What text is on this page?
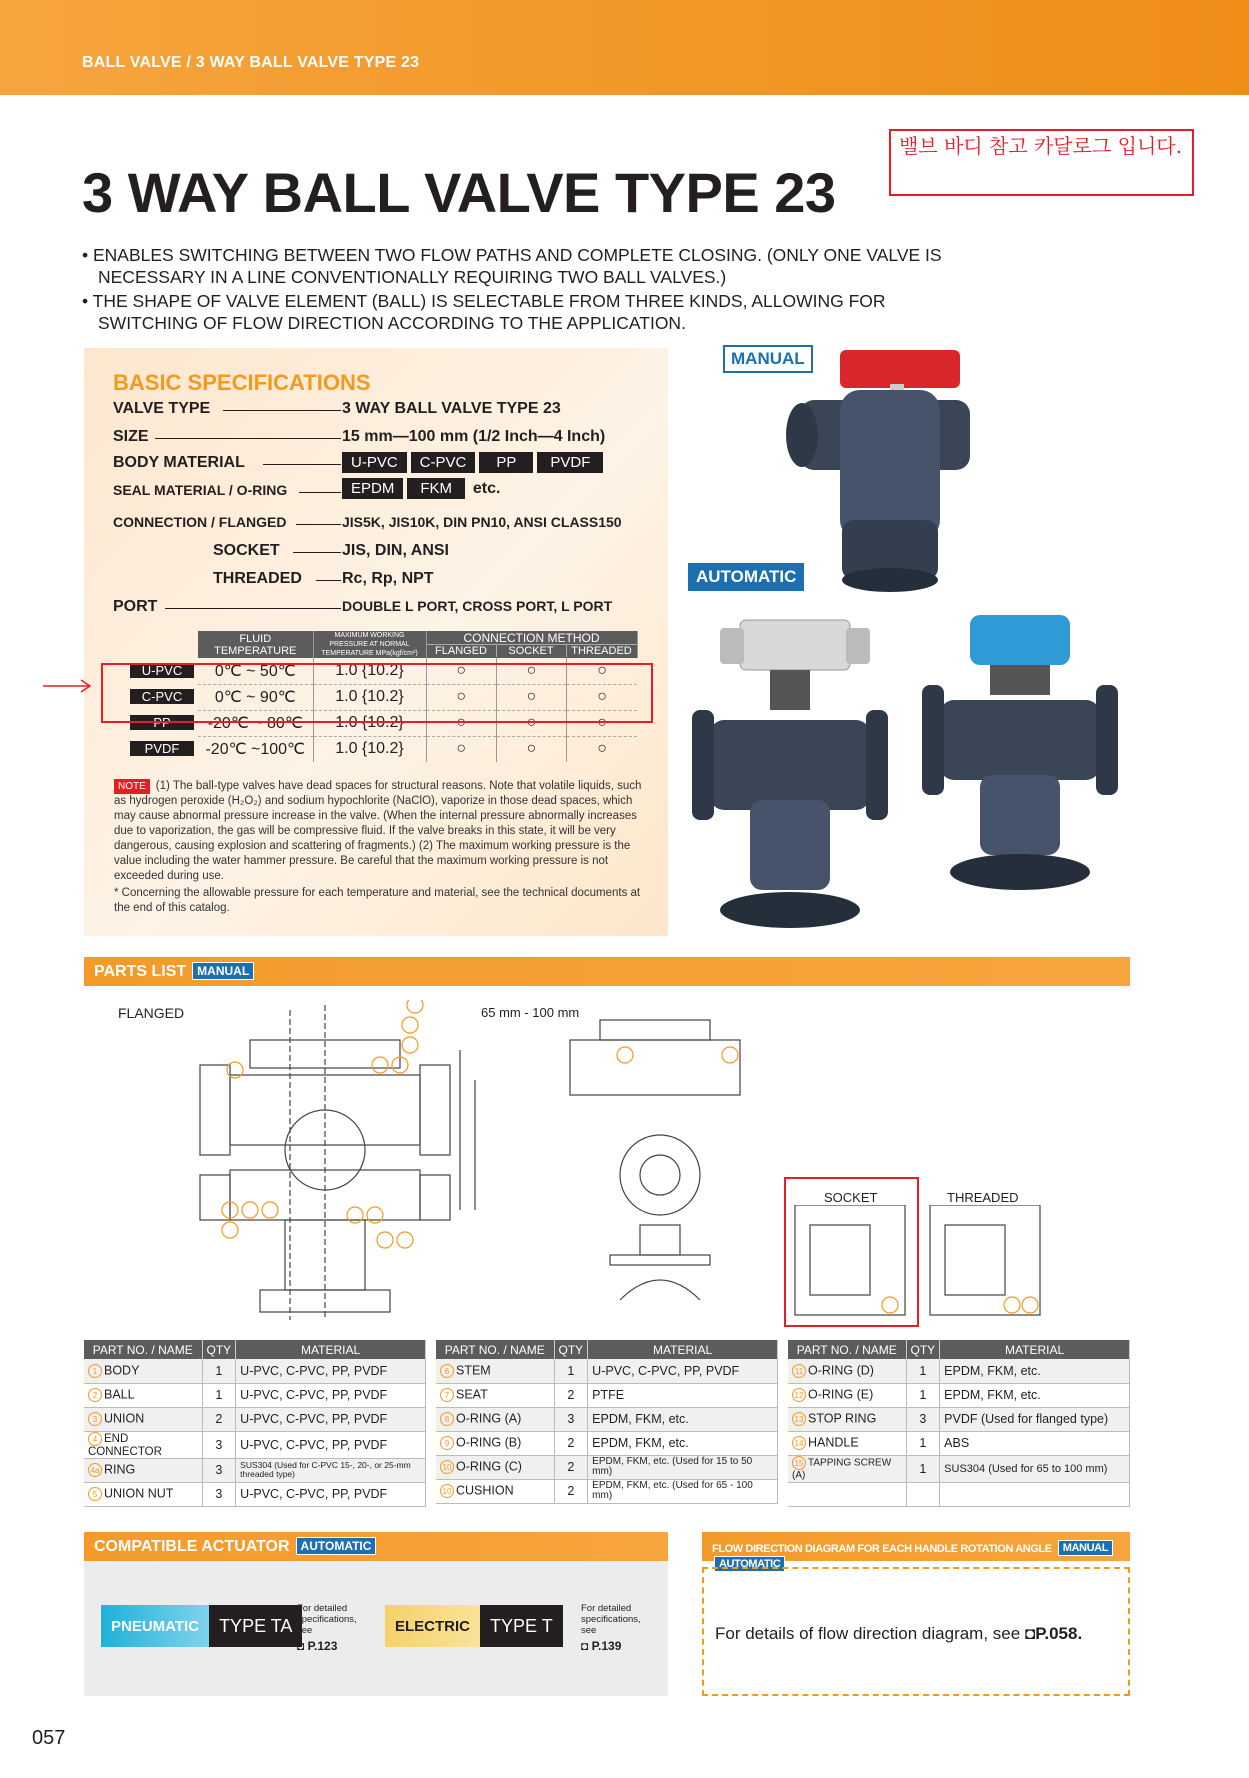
BALL VALVE / 3 WAY BALL VALVE TYPE 23
밸브 바디 참고 카달로그 입니다.
3 WAY BALL VALVE TYPE 23
• ENABLES SWITCHING BETWEEN TWO FLOW PATHS AND COMPLETE CLOSING. (ONLY ONE VALVE IS NECESSARY IN A LINE CONVENTIONALLY REQUIRING TWO BALL VALVES.)
• THE SHAPE OF VALVE ELEMENT (BALL) IS SELECTABLE FROM THREE KINDS, ALLOWING FOR SWITCHING OF FLOW DIRECTION ACCORDING TO THE APPLICATION.
BASIC SPECIFICATIONS
VALVE TYPE	3 WAY BALL VALVE TYPE 23
SIZE	15 mm—100 mm (1/2 Inch—4 Inch)
BODY MATERIAL	U-PVC C-PVC PP PVDF
SEAL MATERIAL / O-RING	EPDM FKM etc.
CONNECTION / FLANGED	JIS5K, JIS10K, DIN PN10, ANSI CLASS150
SOCKET	JIS, DIN, ANSI
THREADED	Rc, Rp, NPT
PORT	DOUBLE L PORT, CROSS PORT, L PORT
	FLUID TEMPERATURE	MAXIMUM WORKING PRESSURE AT NORMAL TEMPERATURE MPa(kgf/cm²)	CONNECTION METHOD
FLANGED SOCKET THREADED		

U-PVC	0℃ ~ 50℃	1.0 {10.2}	○	○	○
C-PVC	0℃ ~ 90℃	1.0 {10.2}	○	○	○
PP	-20℃ ~ 80℃	1.0 {10.2}	○	○	○
PVDF	-20℃ ~100℃	1.0 {10.2}	○	○	○
NOTE (1) The ball-type valves have dead spaces for structural reasons. Note that volatile liquids, such as hydrogen peroxide (H₂O₂) and sodium hypochlorite (NaClO), vaporize in those dead spaces, which may cause abnormal pressure increase in the valve. (When the internal pressure abnormally increases due to vaporization, the gas will be compressive fluid. If the valve breaks in this state, it will be very dangerous, causing explosion and scattering of fragments.) (2) The maximum working pressure is the value including the water hammer pressure. Be careful that the maximum working pressure is not exceeded during use.
* Concerning the allowable pressure for each temperature and material, see the technical documents at the end of this catalog.
MANUAL
AUTOMATIC
PARTS LIST MANUAL
FLANGED	65 mm - 100 mm
SOCKET	THREADED
PART NO. / NAME	QTY	MATERIAL
1 BODY	1	U-PVC, C-PVC, PP, PVDF
2 BALL	1	U-PVC, C-PVC, PP, PVDF
3 UNION	2	U-PVC, C-PVC, PP, PVDF
4 END CONNECTOR	3	U-PVC, C-PVC, PP, PVDF
4a RING	3	SUS304 (Used for C-PVC 15-, 20-, or 25-mm threaded type)
5 UNION NUT	3	U-PVC, C-PVC, PP, PVDF
PART NO. / NAME	QTY	MATERIAL
6 STEM	1	U-PVC, C-PVC, PP, PVDF
7 SEAT	2	PTFE
8 O-RING (A)	3	EPDM, FKM, etc.
9 O-RING (B)	2	EPDM, FKM, etc.
10 O-RING (C)	2	EPDM, FKM, etc. (Used for 15 to 50 mm)
10 CUSHION	2	EPDM, FKM, etc. (Used for 65 - 100 mm)
PART NO. / NAME	QTY	MATERIAL
11 O-RING (D)	1	EPDM, FKM, etc.
12 O-RING (E)	1	EPDM, FKM, etc.
13 STOP RING	3	PVDF (Used for flanged type)
14 HANDLE	1	ABS
15 TAPPING SCREW (A)	1	SUS304 (Used for 65 to 100 mm)

COMPATIBLE ACTUATOR AUTOMATIC
PNEUMATIC	TYPE TA
For detailed specifications, see
◘ P.123
ELECTRIC	TYPE T
For detailed specifications, see
◘ P.139
FLOW DIRECTION DIAGRAM FOR EACH HANDLE ROTATION ANGLE MANUALAUTOMATIC
For details of flow direction diagram, see ◘P.058.
057
